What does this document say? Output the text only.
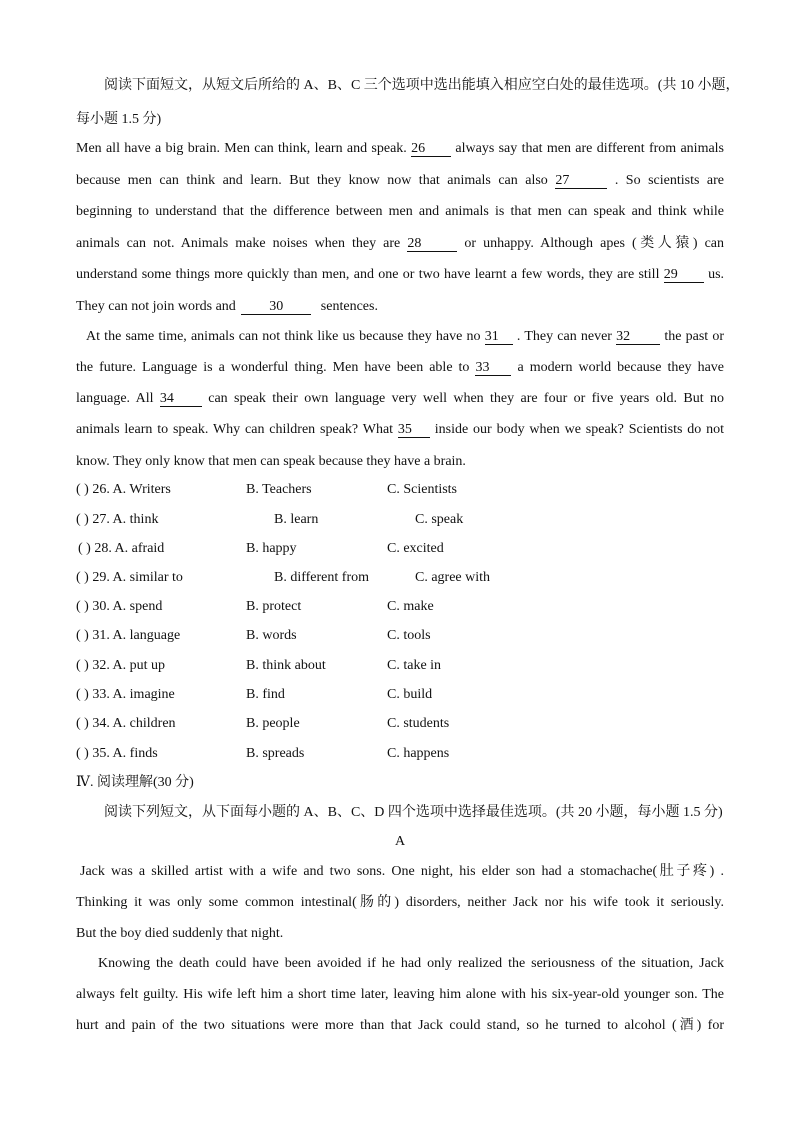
阅读下面短文，从短文后所给的 A、B、C 三个选项中选出能填入相应空白处的最佳选项。(共 10 小题，
每小题 1.5 分)
Men all have a big brain. Men can think, learn and speak. 26 always say that men are different from animals
because men can think and learn. But they know now that animals can also 27	. So scientists are
beginning to understand that the difference between men and animals is that men can speak and think while
animals can not. Animals make noises when they are 28	or unhappy. Although apes (类人猿) can
understand some things more quickly than men, and one or two have learnt a few words, they are still 29 us.
They can not join words and 30	sentences.
At the same time, animals can not think like us because they have no 31 . They can never 32 the past or
the future. Language is a wonderful thing. Men have been able to 33 a modern world because they have
language. All 34 can speak their own language very well when they are four or five years old. But no
animals learn to speak. Why can children speak? What 35 inside our body when we speak? Scientists do not
know. They only know that men can speak because they have a brain.
( ) 26. A. Writers	B. Teachers	C. Scientists
( ) 27. A. think	B. learn	C. speak
( ) 28. A. afraid	B. happy	C. excited
( ) 29. A. similar to	B. different from	C. agree with
( ) 30. A. spend	B. protect	C. make
( ) 31. A. language	B. words	C. tools
( ) 32. A. put up	B. think about	C. take in
( ) 33. A. imagine	B. find	C. build
( ) 34. A. children	B. people	C. students
( ) 35. A. finds	B. spreads	C. happens
Ⅳ. 阅读理解(30 分)
阅读下列短文，从下面每小题的 A、B、C、D 四个选项中选择最佳选项。(共 20 小题，每小题 1.5 分)
A
Jack was a skilled artist with a wife and two sons. One night, his elder son had a stomachache(肚子疼) .
Thinking it was only some common intestinal(肠的) disorders, neither Jack nor his wife took it seriously.
But the boy died suddenly that night.
Knowing the death could have been avoided if he had only realized the seriousness of the situation, Jack
always felt guilty. His wife left him a short time later, leaving him alone with his six-year-old younger son. The
hurt and pain of the two situations were more than that Jack could stand, so he turned to alcohol (酒) for
